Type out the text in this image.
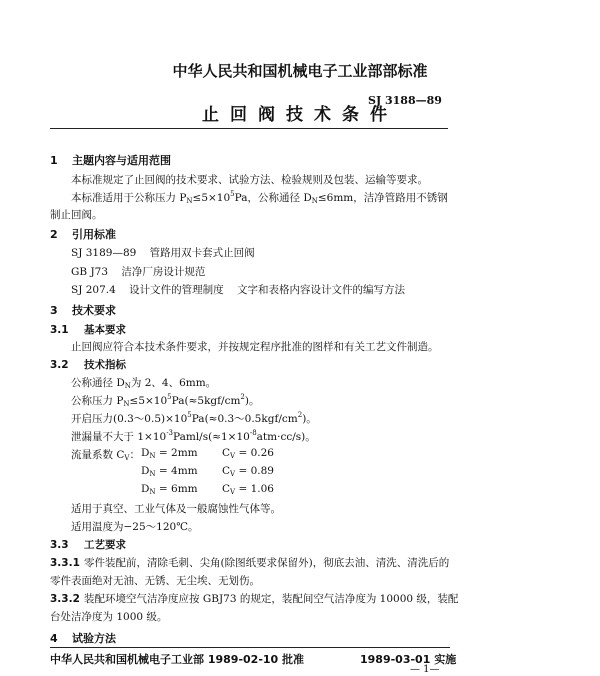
中华人民共和国机械电子工业部部标准
止回阀技术条件
SJ 3188—89
1 主题内容与适用范围
本标准规定了止回阀的技术要求、试验方法、检验规则及包装、运输等要求。
本标准适用于公称压力 $PN\le 5\times 10^5Pa$，公称通径 DN≤6mm，洁净管路用不锈钢
制止回阀。
2 引用标准
SJ 3189—89    管路用双卡套式止回阀
GB J73    洁净厂房设计规范
SJ 207.4    设计文件的管理制度    文字和表格内容设计文件的编写方法
3 技术要求
3.1 基本要求
止回阀应符合本技术条件要求，并按规定程序批准的图样和有关工艺文件制造。
3.2 技术指标
公称通径 DN为 2、4、6mm。
公称压力 $PN\le 5\times 10^5Pa(\approx 5kgf/cm^2)$。
开启压力$(0.3\sim 0.5)\times 10^5Pa(\approx 0.3\sim 0.5kgf/cm^2)$。
泄漏量不大于 $1\times 10^{-3}Paml/s(\approx 1\times 10^{-8}atm\cdot cc/s)$。
流量系数 CV： DN = 2mm CV = 0.26
DN = 4mm CV = 0.89
DN = 6mm CV = 1.06
适用于真空、工业气体及一般腐蚀性气体等。
适用温度为−25～120℃。
3.3 工艺要求
3.3.1 零件装配前，清除毛刺、尖角(除图纸要求保留外)，彻底去油、清洗、清洗后的
零件表面绝对无油、无锈、无尘埃、无划伤。
3.3.2 装配环境空气洁净度应按 GBJ73 的规定，装配间空气洁净度为 10000 级，装配
台处洁净度为 1000 级。
4 试验方法
中华人民共和国机械电子工业部 1989-02-10 批准	1989-03-01 实施
— 1—
